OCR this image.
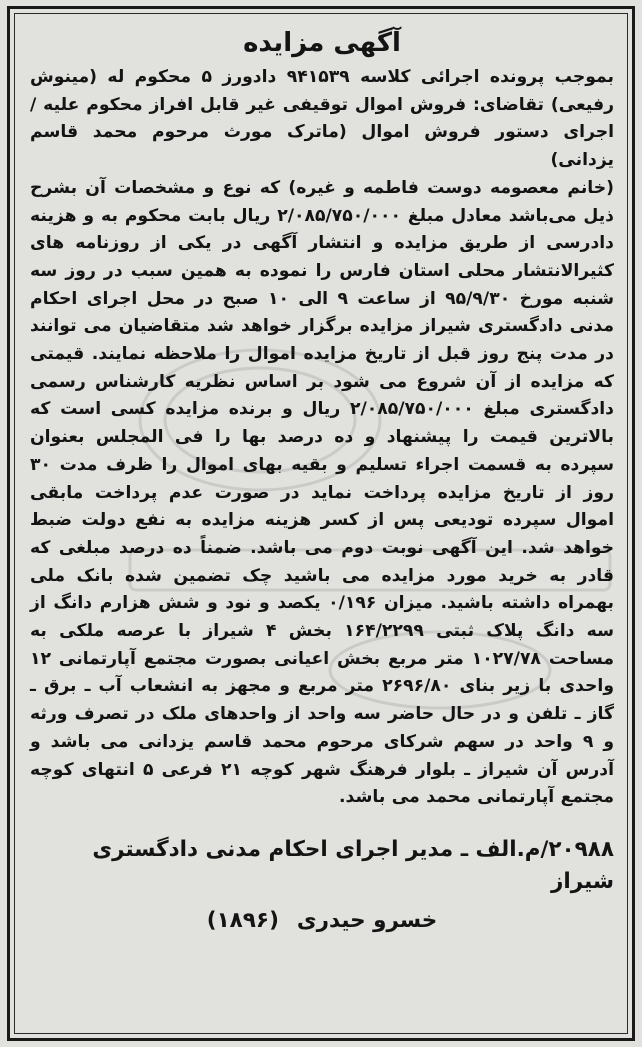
آگهی مزایده

بموجب پرونده اجرائی کلاسه ۹۴۱۵۳۹ دادورز ۵ محکوم له (مینوش رفیعی) تقاضای: فروش اموال توقیفی غیر قابل افراز محکوم علیه / اجرای دستور فروش اموال (ماترک مورث مرحوم محمد قاسم یزدانی)

(خانم معصومه دوست فاطمه و غیره) که نوع و مشخصات آن بشرح ذیل می‌باشد معادل مبلغ ۲/۰۸۵/۷۵۰/۰۰۰ ریال بابت محکوم به و هزینه دادرسی از طریق مزایده و انتشار آگهی در یکی از روزنامه های کثیرالانتشار محلی استان فارس را نموده به همین سبب در روز سه شنبه مورخ ۹۵/۹/۳۰ از ساعت ۹ الی ۱۰ صبح در محل اجرای احکام مدنی دادگستری شیراز مزایده برگزار خواهد شد متقاضیان می توانند در مدت پنج روز قبل از تاریخ مزایده اموال را ملاحظه نمایند. قیمتی که مزایده از آن شروع می شود بر اساس نظریه کارشناس رسمی دادگستری مبلغ ۲/۰۸۵/۷۵۰/۰۰۰ ریال و برنده مزایده کسی است که بالاترین قیمت را پیشنهاد و ده درصد بها را فی المجلس بعنوان سپرده به قسمت اجراء تسلیم و بقیه بهای اموال را ظرف مدت ۳۰ روز از تاریخ مزایده پرداخت نماید در صورت عدم پرداخت مابقی اموال سپرده تودیعی پس از کسر هزینه مزایده به نفع دولت ضبط خواهد شد. این آگهی نوبت دوم می باشد. ضمناً ده درصد مبلغی که قادر به خرید مورد مزایده می باشید چک تضمین شده بانک ملی بهمراه داشته باشید. میزان ۰/۱۹۶ یکصد و نود و شش هزارم دانگ از سه دانگ پلاک ثبتی ۱۶۴/۲۲۹۹ بخش ۴ شیراز با عرصه ملکی به مساحت ۱۰۲۷/۷۸ متر مربع بخش اعیانی بصورت مجتمع آپارتمانی ۱۲ واحدی با زیر بنای ۲۶۹۶/۸۰ متر مربع و مجهز به انشعاب آب ـ برق ـ گاز ـ تلفن و در حال حاضر سه واحد از واحدهای ملک در تصرف ورثه و ۹ واحد در سهم شرکای مرحوم محمد قاسم یزدانی می باشد و آدرس آن شیراز ـ بلوار فرهنگ شهر کوچه ۲۱ فرعی ۵ انتهای کوچه مجتمع آپارتمانی محمد می باشد.

۲۰۹۸۸/م.الف ـ مدیر اجرای احکام مدنی دادگستری شیراز
خسرو حیدری(۱۸۹۶)
